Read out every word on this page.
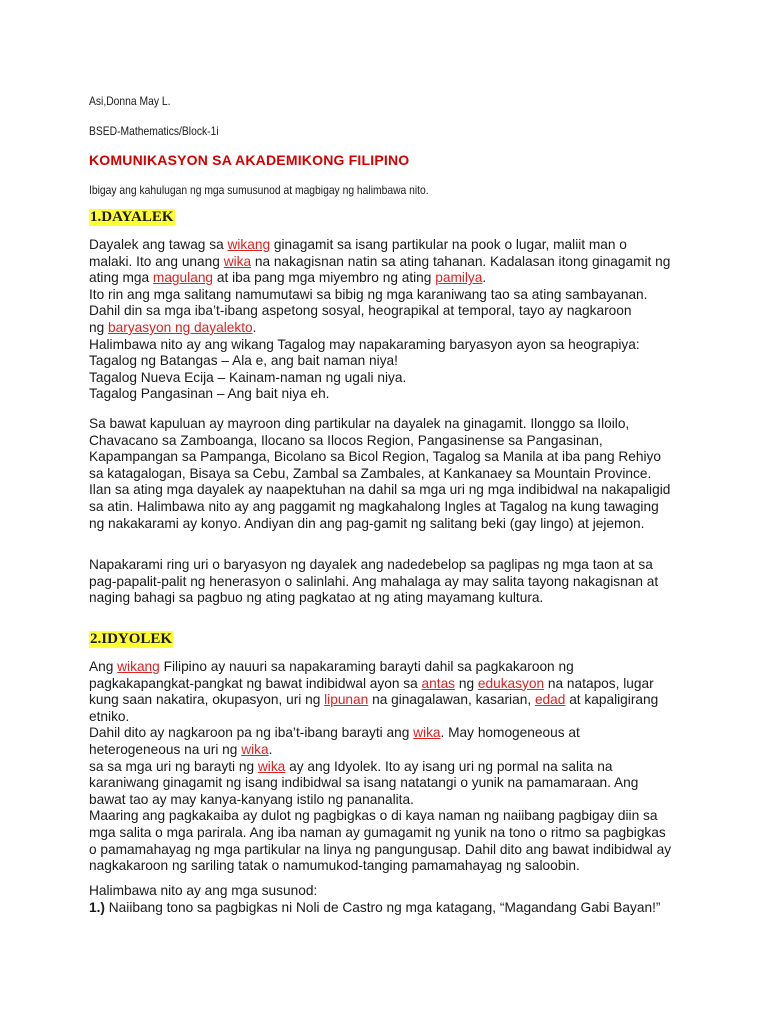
Asi,Donna May L.
BSED-Mathematics/Block-1i
KOMUNIKASYON SA AKADEMIKONG FILIPINO
Ibigay ang kahulugan ng mga sumusunod at magbigay ng halimbawa nito.
1.DAYALEK
Dayalek ang tawag sa wikang ginagamit sa isang partikular na pook o lugar, maliit man o
malaki. Ito ang unang wika na nakagisnan natin sa ating tahanan. Kadalasan itong ginagamit ng
ating mga magulang at iba pang mga miyembro ng ating pamilya.
Ito rin ang mga salitang namumutawi sa bibig ng mga karaniwang tao sa ating sambayanan.
Dahil din sa mga iba’t-ibang aspetong sosyal, heograpikal at temporal, tayo ay nagkaroon
ng baryasyon ng dayalekto.
Halimbawa nito ay ang wikang Tagalog may napakaraming baryasyon ayon sa heograpiya:
Tagalog ng Batangas – Ala e, ang bait naman niya!
Tagalog Nueva Ecija – Kainam-naman ng ugali niya.
Tagalog Pangasinan – Ang bait niya eh.
Sa bawat kapuluan ay mayroon ding partikular na dayalek na ginagamit. Ilonggo sa Iloilo,
Chavacano sa Zamboanga, Ilocano sa Ilocos Region, Pangasinense sa Pangasinan,
Kapampangan sa Pampanga, Bicolano sa Bicol Region, Tagalog sa Manila at iba pang Rehiyo
sa katagalogan, Bisaya sa Cebu, Zambal sa Zambales, at Kankanaey sa Mountain Province.
Ilan sa ating mga dayalek ay naapektuhan na dahil sa mga uri ng mga indibidwal na nakapaligid
sa atin. Halimbawa nito ay ang paggamit ng magkahalong Ingles at Tagalog na kung tawaging
ng nakakarami ay konyo. Andiyan din ang pag-gamit ng salitang beki (gay lingo) at jejemon.
Napakarami ring uri o baryasyon ng dayalek ang nadedebelop sa paglipas ng mga taon at sa
pag-papalit-palit ng henerasyon o salinlahi. Ang mahalaga ay may salita tayong nakagisnan at
naging bahagi sa pagbuo ng ating pagkatao at ng ating mayamang kultura.
2.IDYOLEK
Ang wikang Filipino ay nauuri sa napakaraming barayti dahil sa pagkakaroon ng
pagkakapangkat-pangkat ng bawat indibidwal ayon sa antas ng edukasyon na natapos, lugar
kung saan nakatira, okupasyon, uri ng lipunan na ginagalawan, kasarian, edad at kapaligirang
etniko.
Dahil dito ay nagkaroon pa ng iba’t-ibang barayti ang wika. May homogeneous at
heterogeneous na uri ng wika.
sa sa mga uri ng barayti ng wika ay ang Idyolek. Ito ay isang uri ng pormal na salita na
karaniwang ginagamit ng isang indibidwal sa isang natatangi o yunik na pamamaraan. Ang
bawat tao ay may kanya-kanyang istilo ng pananalita.
Maaring ang pagkakaiba ay dulot ng pagbigkas o di kaya naman ng naiibang pagbigay diin sa
mga salita o mga parirala. Ang iba naman ay gumagamit ng yunik na tono o ritmo sa pagbigkas
o pamamahayag ng mga partikular na linya ng pangungusap. Dahil dito ang bawat indibidwal ay
nagkakaroon ng sariling tatak o namumukod-tanging pamamahayag ng saloobin.
Halimbawa nito ay ang mga susunod:
1.) Naiibang tono sa pagbigkas ni Noli de Castro ng mga katagang, “Magandang Gabi Bayan!”
